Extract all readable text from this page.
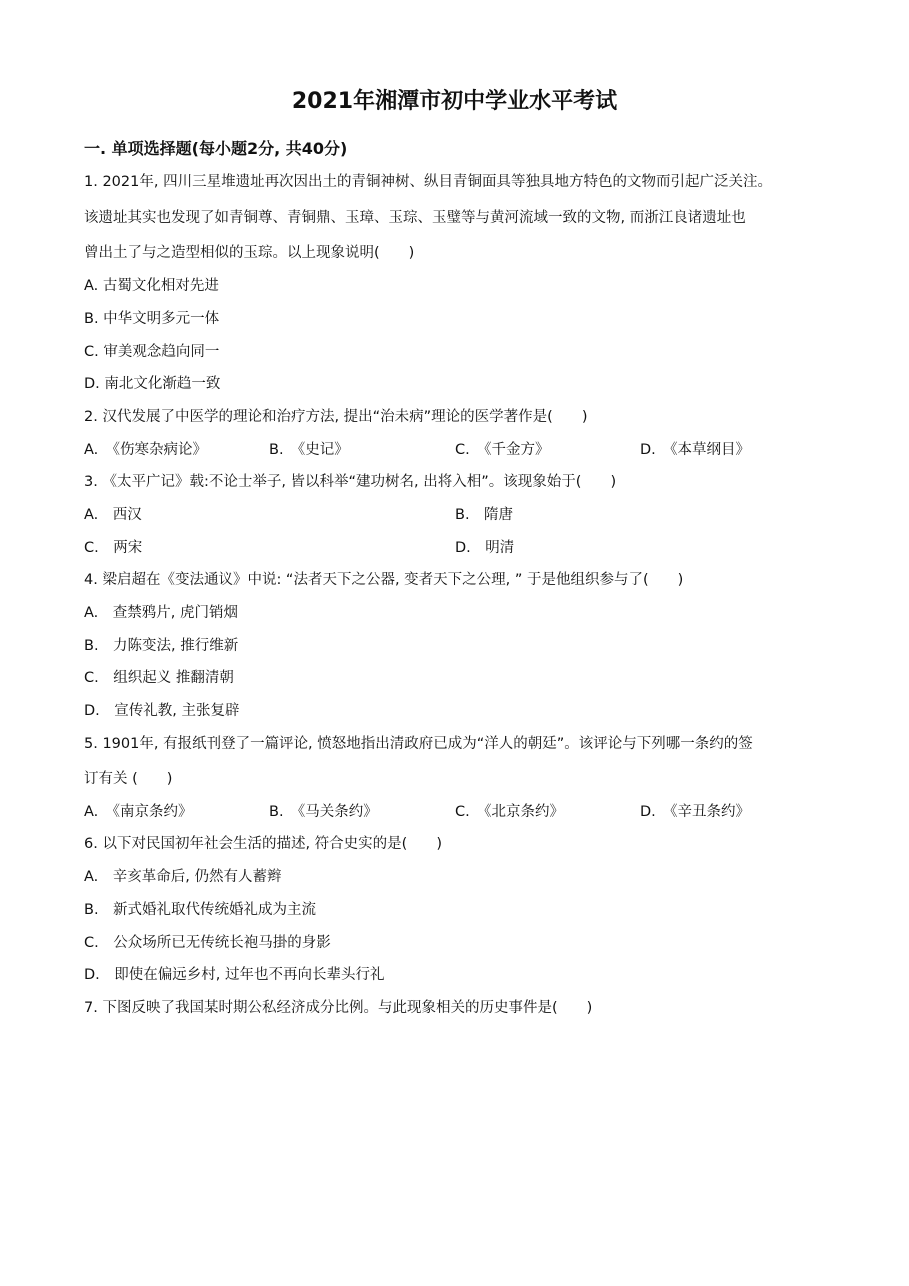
2021年湘潭市初中学业水平考试
一. 单项选择题(每小题2分, 共40分)
1. 2021年, 四川三星堆遗址再次因出土的青铜神树、纵目青铜面具等独具地方特色的文物而引起广泛关注。
该遗址其实也发现了如青铜尊、青铜鼎、玉璋、玉琮、玉璧等与黄河流域一致的文物, 而浙江良诸遗址也
曾出土了与之造型相似的玉琮。以上现象说明(　　)
A. 古蜀文化相对先进
B. 中华文明多元一体
C. 审美观念趋向同一
D. 南北文化渐趋一致
2. 汉代发展了中医学的理论和治疗方法, 提出“治未病”理论的医学著作是(　　)
A.　《伤寒杂病论》	B.　《史记》	C.　《千金方》	D.　《本草纲目》
3. 《太平广记》载:不论士举子, 皆以科举“建功树名, 出将入相”。该现象始于(　　)
A.　西汉	B.　隋唐
C.　两宋	D.　明清
4. 梁启超在《变法通议》中说: “法者天下之公器, 变者天下之公理, ” 于是他组织参与了(　　)
A.　查禁鸦片, 虎门销烟
B.　力陈变法, 推行维新
C.　组织起义 推翻清朝
D.　宣传礼教, 主张复辟
5. 1901年, 有报纸刊登了一篇评论, 愤怒地指出清政府已成为“洋人的朝廷”。该评论与下列哪一条约的签
订有关 (　　)
A.　《南京条约》	B.　《马关条约》	C.　《北京条约》	D.　《辛丑条约》
6. 以下对民国初年社会生活的描述, 符合史实的是(　　)
A.　辛亥革命后, 仍然有人蓄辫
B.　新式婚礼取代传统婚礼成为主流
C.　公众场所已无传统长袍马掛的身影
D.　即使在偏远乡村, 过年也不再向长辈头行礼
7. 下图反映了我国某时期公私经济成分比例。与此现象相关的历史事件是(　　)
